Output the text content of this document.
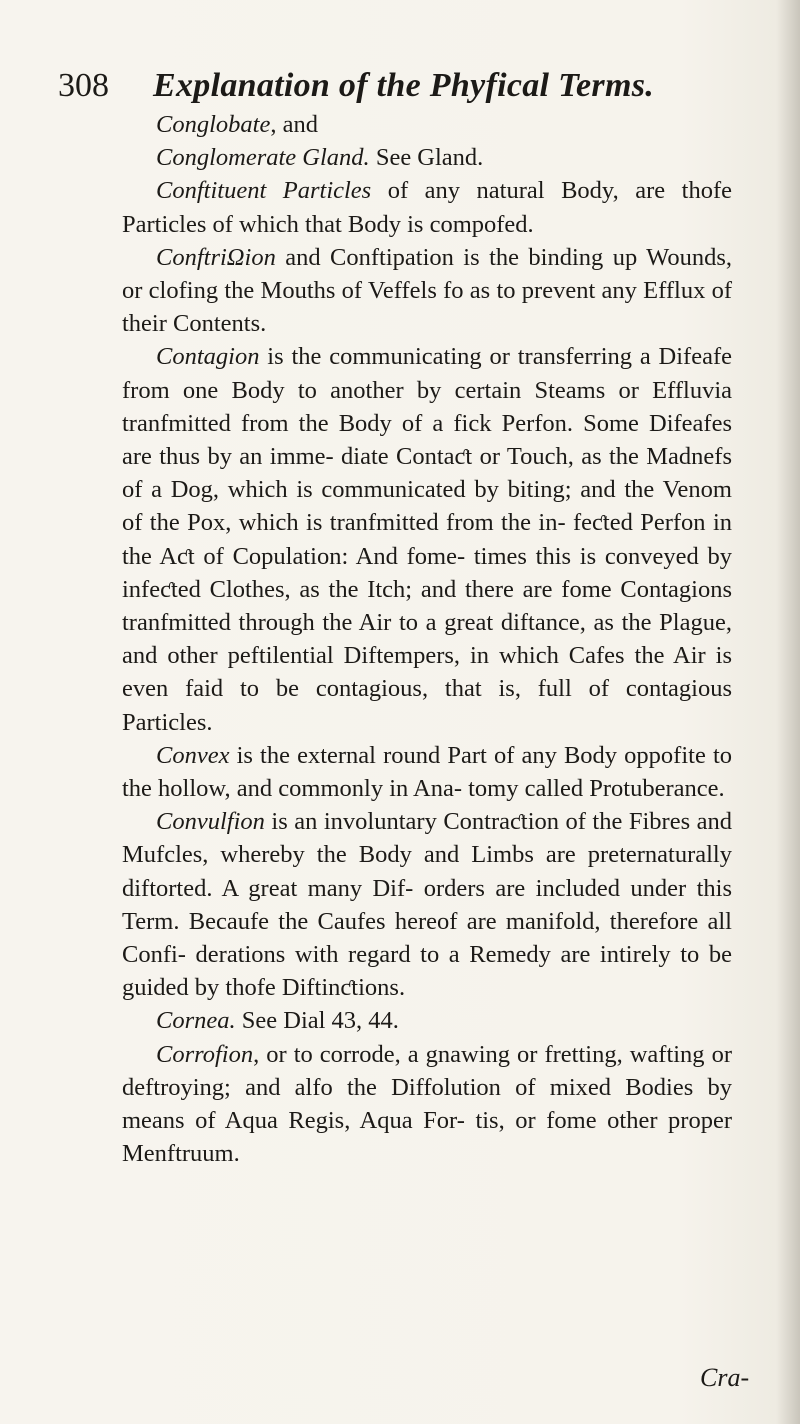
308 Explanation of the Phyfical Terms.

Conglobate, and

Conglomerate Gland. See Gland.

Conftituent Particles of any natural Body, are thofe Particles of which that Body is compofed.

ConftriΩion and Conftipation is the binding up Wounds, or clofing the Mouths of Veffels fo as to prevent any Efflux of their Contents.

Contagion is the communicating or transferring a Difeafe from one Body to another by certain Steams or Effluvia tranfmitted from the Body of a fick Perfon. Some Difeafes are thus by an imme- diate Contaƈt or Touch, as the Madnefs of a Dog, which is communicated by biting; and the Venom of the Pox, which is tranfmitted from the in- feƈted Perfon in the Aƈt of Copulation: And fome- times this is conveyed by infeƈted Clothes, as the Itch; and there are fome Contagions tranfmitted through the Air to a great diftance, as the Plague, and other peftilential Diftempers, in which Cafes the Air is even faid to be contagious, that is, full of contagious Particles.

Convex is the external round Part of any Body oppofite to the hollow, and commonly in Ana- tomy called Protuberance.

Convulfion is an involuntary Contraƈtion of the Fibres and Mufcles, whereby the Body and Limbs are preternaturally diftorted. A great many Dif- orders are included under this Term. Becaufe the Caufes hereof are manifold, therefore all Confi- derations with regard to a Remedy are intirely to be guided by thofe Diftinƈtions.

Cornea. See Dial 43, 44.

Corrofion, or to corrode, a gnawing or fretting, wafting or deftroying; and alfo the Diffolution of mixed Bodies by means of Aqua Regis, Aqua For- tis, or fome other proper Menftruum.

Cra-
